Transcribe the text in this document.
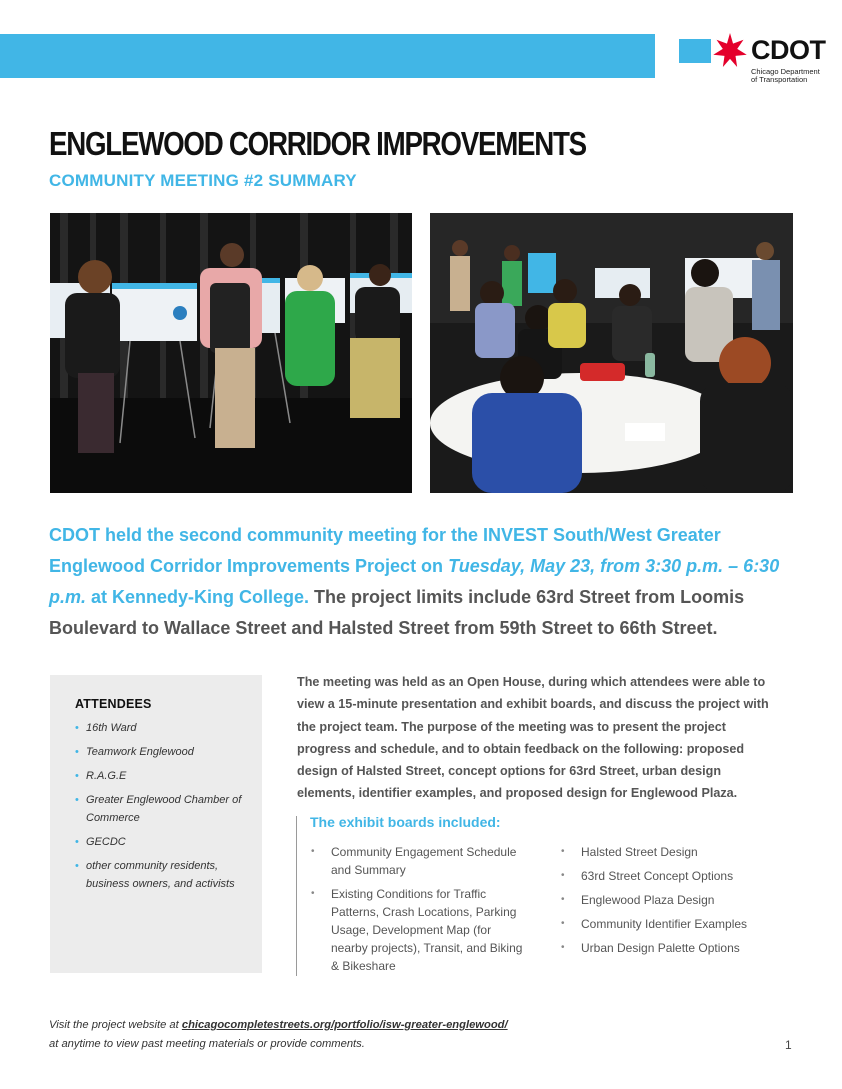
CDOT
Chicago Department
of Transportation
ENGLEWOOD CORRIDOR IMPROVEMENTS
COMMUNITY MEETING #2 SUMMARY

CDOT held the second community meeting for the INVEST South/West Greater Englewood Corridor Improvements Project on Tuesday, May 23, from 3:30 p.m. – 6:30 p.m. at Kennedy-King College. The project limits include 63rd Street from Loomis Boulevard to Wallace Street and Halsted Street from 59th Street to 66th Street.

ATTENDEES
• 16th Ward
• Teamwork Englewood
• R.A.G.E
• Greater Englewood Chamber of Commerce
• GECDC
• other community residents, business owners, and activists

The meeting was held as an Open House, during which attendees were able to view a 15-minute presentation and exhibit boards, and discuss the project with the project team. The purpose of the meeting was to present the project progress and schedule, and to obtain feedback on the following: proposed design of Halsted Street, concept options for 63rd Street, urban design elements, identifier examples, and proposed design for Englewood Plaza.

The exhibit boards included:
• Community Engagement Schedule and Summary
• Existing Conditions for Traffic Patterns, Crash Locations, Parking Usage, Development Map (for nearby projects), Transit, and Biking & Bikeshare
• Halsted Street Design
• 63rd Street Concept Options
• Englewood Plaza Design
• Community Identifier Examples
• Urban Design Palette Options

Visit the project website at chicagocompletestreets.org/portfolio/isw-greater-englewood/
at anytime to view past meeting materials or provide comments.	1
